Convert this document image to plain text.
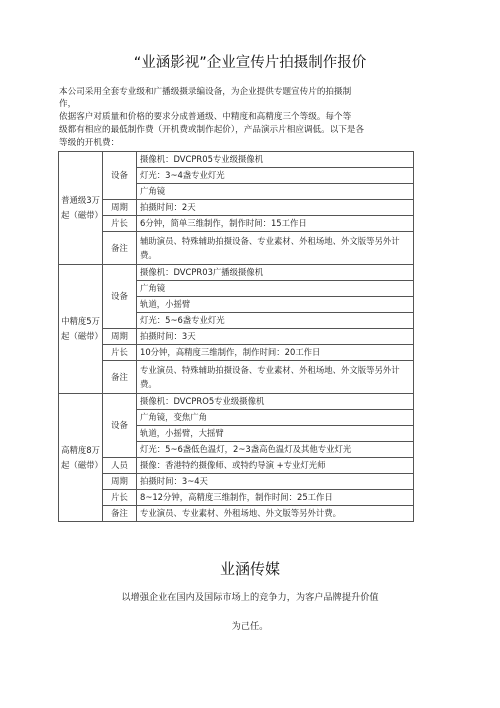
“业涵影视”企业宣传片拍摄制作报价
本公司采用全套专业级和广播级摄录编设备，为企业提供专题宣传片的拍摄制
作，
依据客户对质量和价格的要求分成普通级、中精度和高精度三个等级。每个等
级都有相应的最低制作费（开机费或制作起价），产品演示片相应调低。以下是各
等级的开机费：
普通级3万起（磁带）	设备	摄像机：DVCPR05专业级摄像机
		灯光：3~4盏专业灯光
		广角镜
	周期	拍摄时间：2天
	片长	6分钟，简单三维制作，制作时间：15工作日
	备注	辅助演员、特殊辅助拍摄设备、专业素材、外租场地、外文版等另外计费。
中精度5万起（磁带）	设备	摄像机：DVCPR03广播级摄像机
		广角镜
		轨道，小摇臂
		灯光：5~6盏专业灯光
	周期	拍摄时间：3天
	片长	10分钟，高精度三维制作，制作时间：20工作日
	备注	专业演员、特殊辅助拍摄设备、专业素材、外租场地、外文版等另外计费。
高精度8万起（磁带）	设备	摄像机：DVCPRO5专业级摄像机
		广角镜，变焦广角
		轨道，小摇臂，大摇臂
		灯光：5~6盏低色温灯，2~3盏高色温灯及其他专业灯光
	人员	摄像：香港特约摄像师、或特约导演 +专业灯光师
	周期	拍摄时间：3~4天
	片长	8~12分钟，高精度三维制作，制作时间：25工作日
	备注	专业演员、专业素材、外租场地、外文版等另外计费。
业涵传媒
以增强企业在国内及国际市场上的竞争力，为客户品牌提升价值
为己任。
